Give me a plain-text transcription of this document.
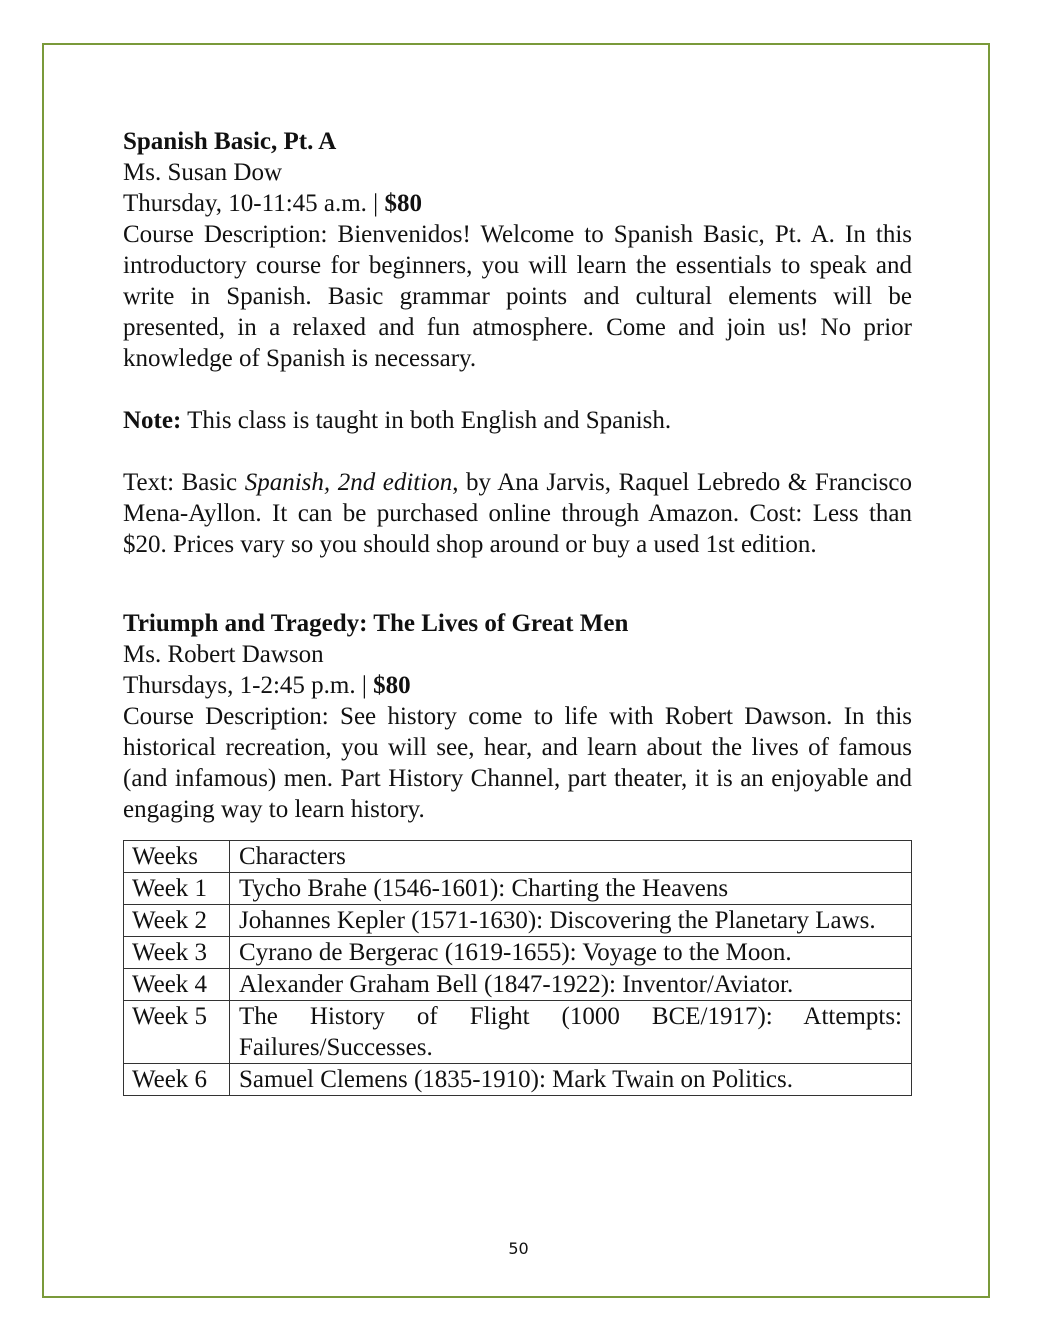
Spanish Basic, Pt. A
Ms. Susan Dow
Thursday, 10-11:45 a.m. | $80
Course Description: Bienvenidos! Welcome to Spanish Basic, Pt. A. In this introductory course for beginners, you will learn the essentials to speak and write in Spanish. Basic grammar points and cultural elements will be presented, in a relaxed and fun atmosphere. Come and join us! No prior knowledge of Spanish is necessary.
Note: This class is taught in both English and Spanish.
Text: Basic Spanish, 2nd edition, by Ana Jarvis, Raquel Lebredo & Francisco Mena-Ayllon. It can be purchased online through Amazon. Cost: Less than $20. Prices vary so you should shop around or buy a used 1st edition.
Triumph and Tragedy: The Lives of Great Men
Ms. Robert Dawson
Thursdays, 1-2:45 p.m. | $80
Course Description: See history come to life with Robert Dawson. In this historical recreation, you will see, hear, and learn about the lives of famous (and infamous) men. Part History Channel, part theater, it is an enjoyable and engaging way to learn history.
Weeks	Characters
Week 1	Tycho Brahe (1546-1601): Charting the Heavens
Week 2	Johannes Kepler (1571-1630): Discovering the Planetary Laws.
Week 3	Cyrano de Bergerac (1619-1655): Voyage to the Moon.
Week 4	Alexander Graham Bell (1847-1922): Inventor/Aviator.
Week 5	The History of Flight (1000 BCE/1917): Attempts: Failures/Successes.
Week 6	Samuel Clemens (1835-1910): Mark Twain on Politics.
50
